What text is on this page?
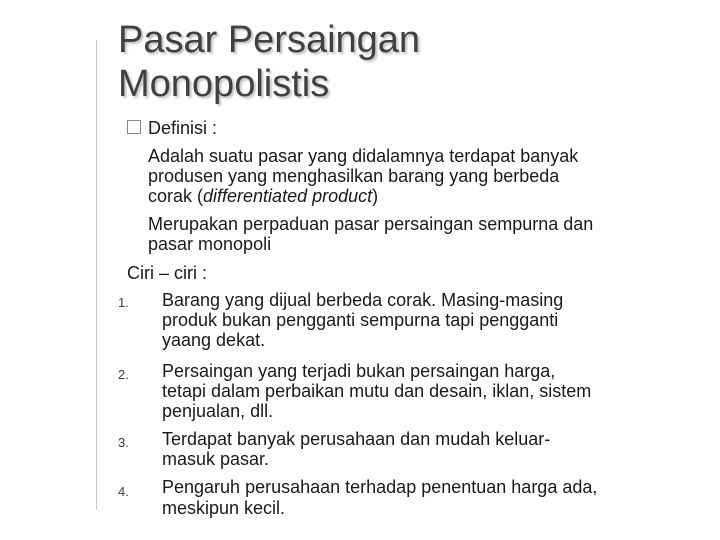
Pasar Persaingan
Monopolistis
Definisi :
Adalah suatu pasar yang didalamnya terdapat banyak
produsen yang menghasilkan barang yang berbeda
corak (differentiated product)
Merupakan perpaduan pasar persaingan sempurna dan
pasar monopoli
Ciri – ciri :
1. Barang yang dijual berbeda corak. Masing-masing
produk bukan pengganti sempurna tapi pengganti
yaang dekat.
2. Persaingan yang terjadi bukan persaingan harga,
tetapi dalam perbaikan mutu dan desain, iklan, sistem
penjualan, dll.
3. Terdapat banyak perusahaan dan mudah keluar-
masuk pasar.
4. Pengaruh perusahaan terhadap penentuan harga ada,
meskipun kecil.
